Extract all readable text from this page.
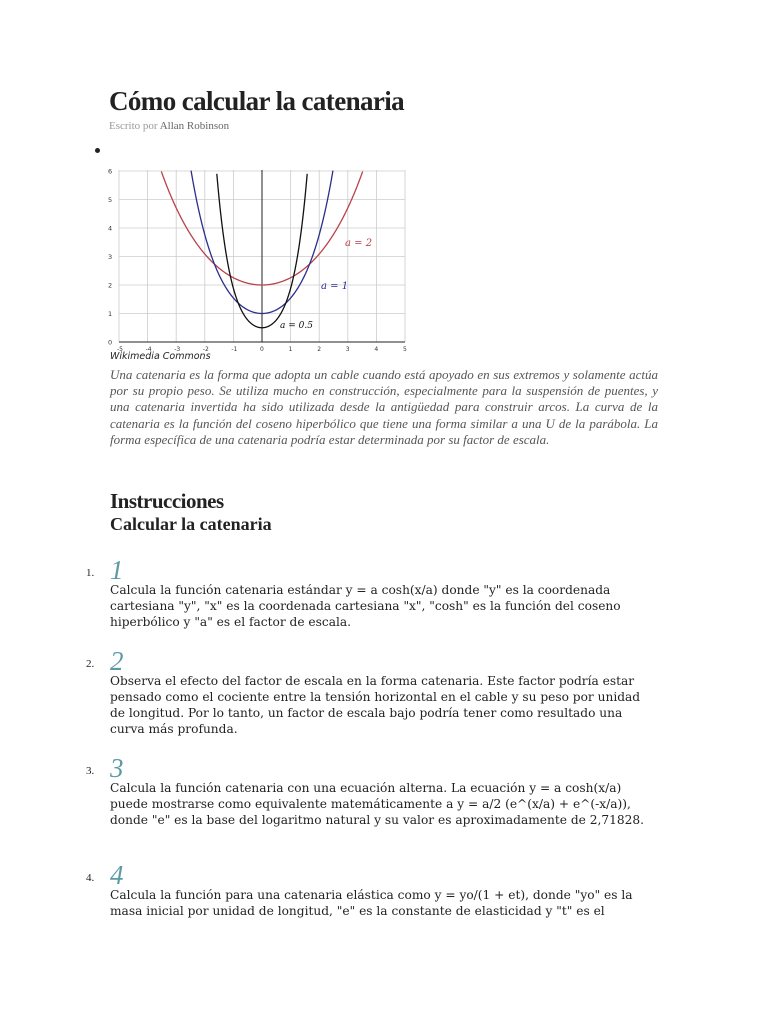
Cómo calcular la catenaria
Escrito por Allan Robinson
0
1
2
3
4
5
6
-5	-4	-3	-2	-1	0	1	2	3	4	5
a = 2
a = 1
a = 0.5
Wikimedia Commons

Una catenaria es la forma que adopta un cable cuando está apoyado en sus extremos y solamente actúa por su propio peso. Se utiliza mucho en construcción, especialmente para la suspensión de puentes, y una catenaria invertida ha sido utilizada desde la antigüedad para construir arcos. La curva de la catenaria es la función del coseno hiperbólico que tiene una forma similar a una U de la parábola. La forma específica de una catenaria podría estar determinada por su factor de escala.

Instrucciones
Calcular la catenaria
1. 1

Calcula la función catenaria estándar y = a cosh(x/a) donde "y" es la coordenada cartesiana "y", "x" es la coordenada cartesiana "x", "cosh" es la función del coseno hiperbólico y "a" es el factor de escala.

2. 2

Observa el efecto del factor de escala en la forma catenaria. Este factor podría estar pensado como el cociente entre la tensión horizontal en el cable y su peso por unidad de longitud. Por lo tanto, un factor de escala bajo podría tener como resultado una curva más profunda.

3. 3

Calcula la función catenaria con una ecuación alterna. La ecuación y = a cosh(x/a) puede mostrarse como equivalente matemáticamente a y = a/2 (e^(x/a) + e^(-x/a)), donde "e" es la base del logaritmo natural y su valor es aproximadamente de 2,71828.

4. 4

Calcula la función para una catenaria elástica como y = yo/(1 + et), donde "yo" es la masa inicial por unidad de longitud, "e" es la constante de elasticidad y "t" es el
